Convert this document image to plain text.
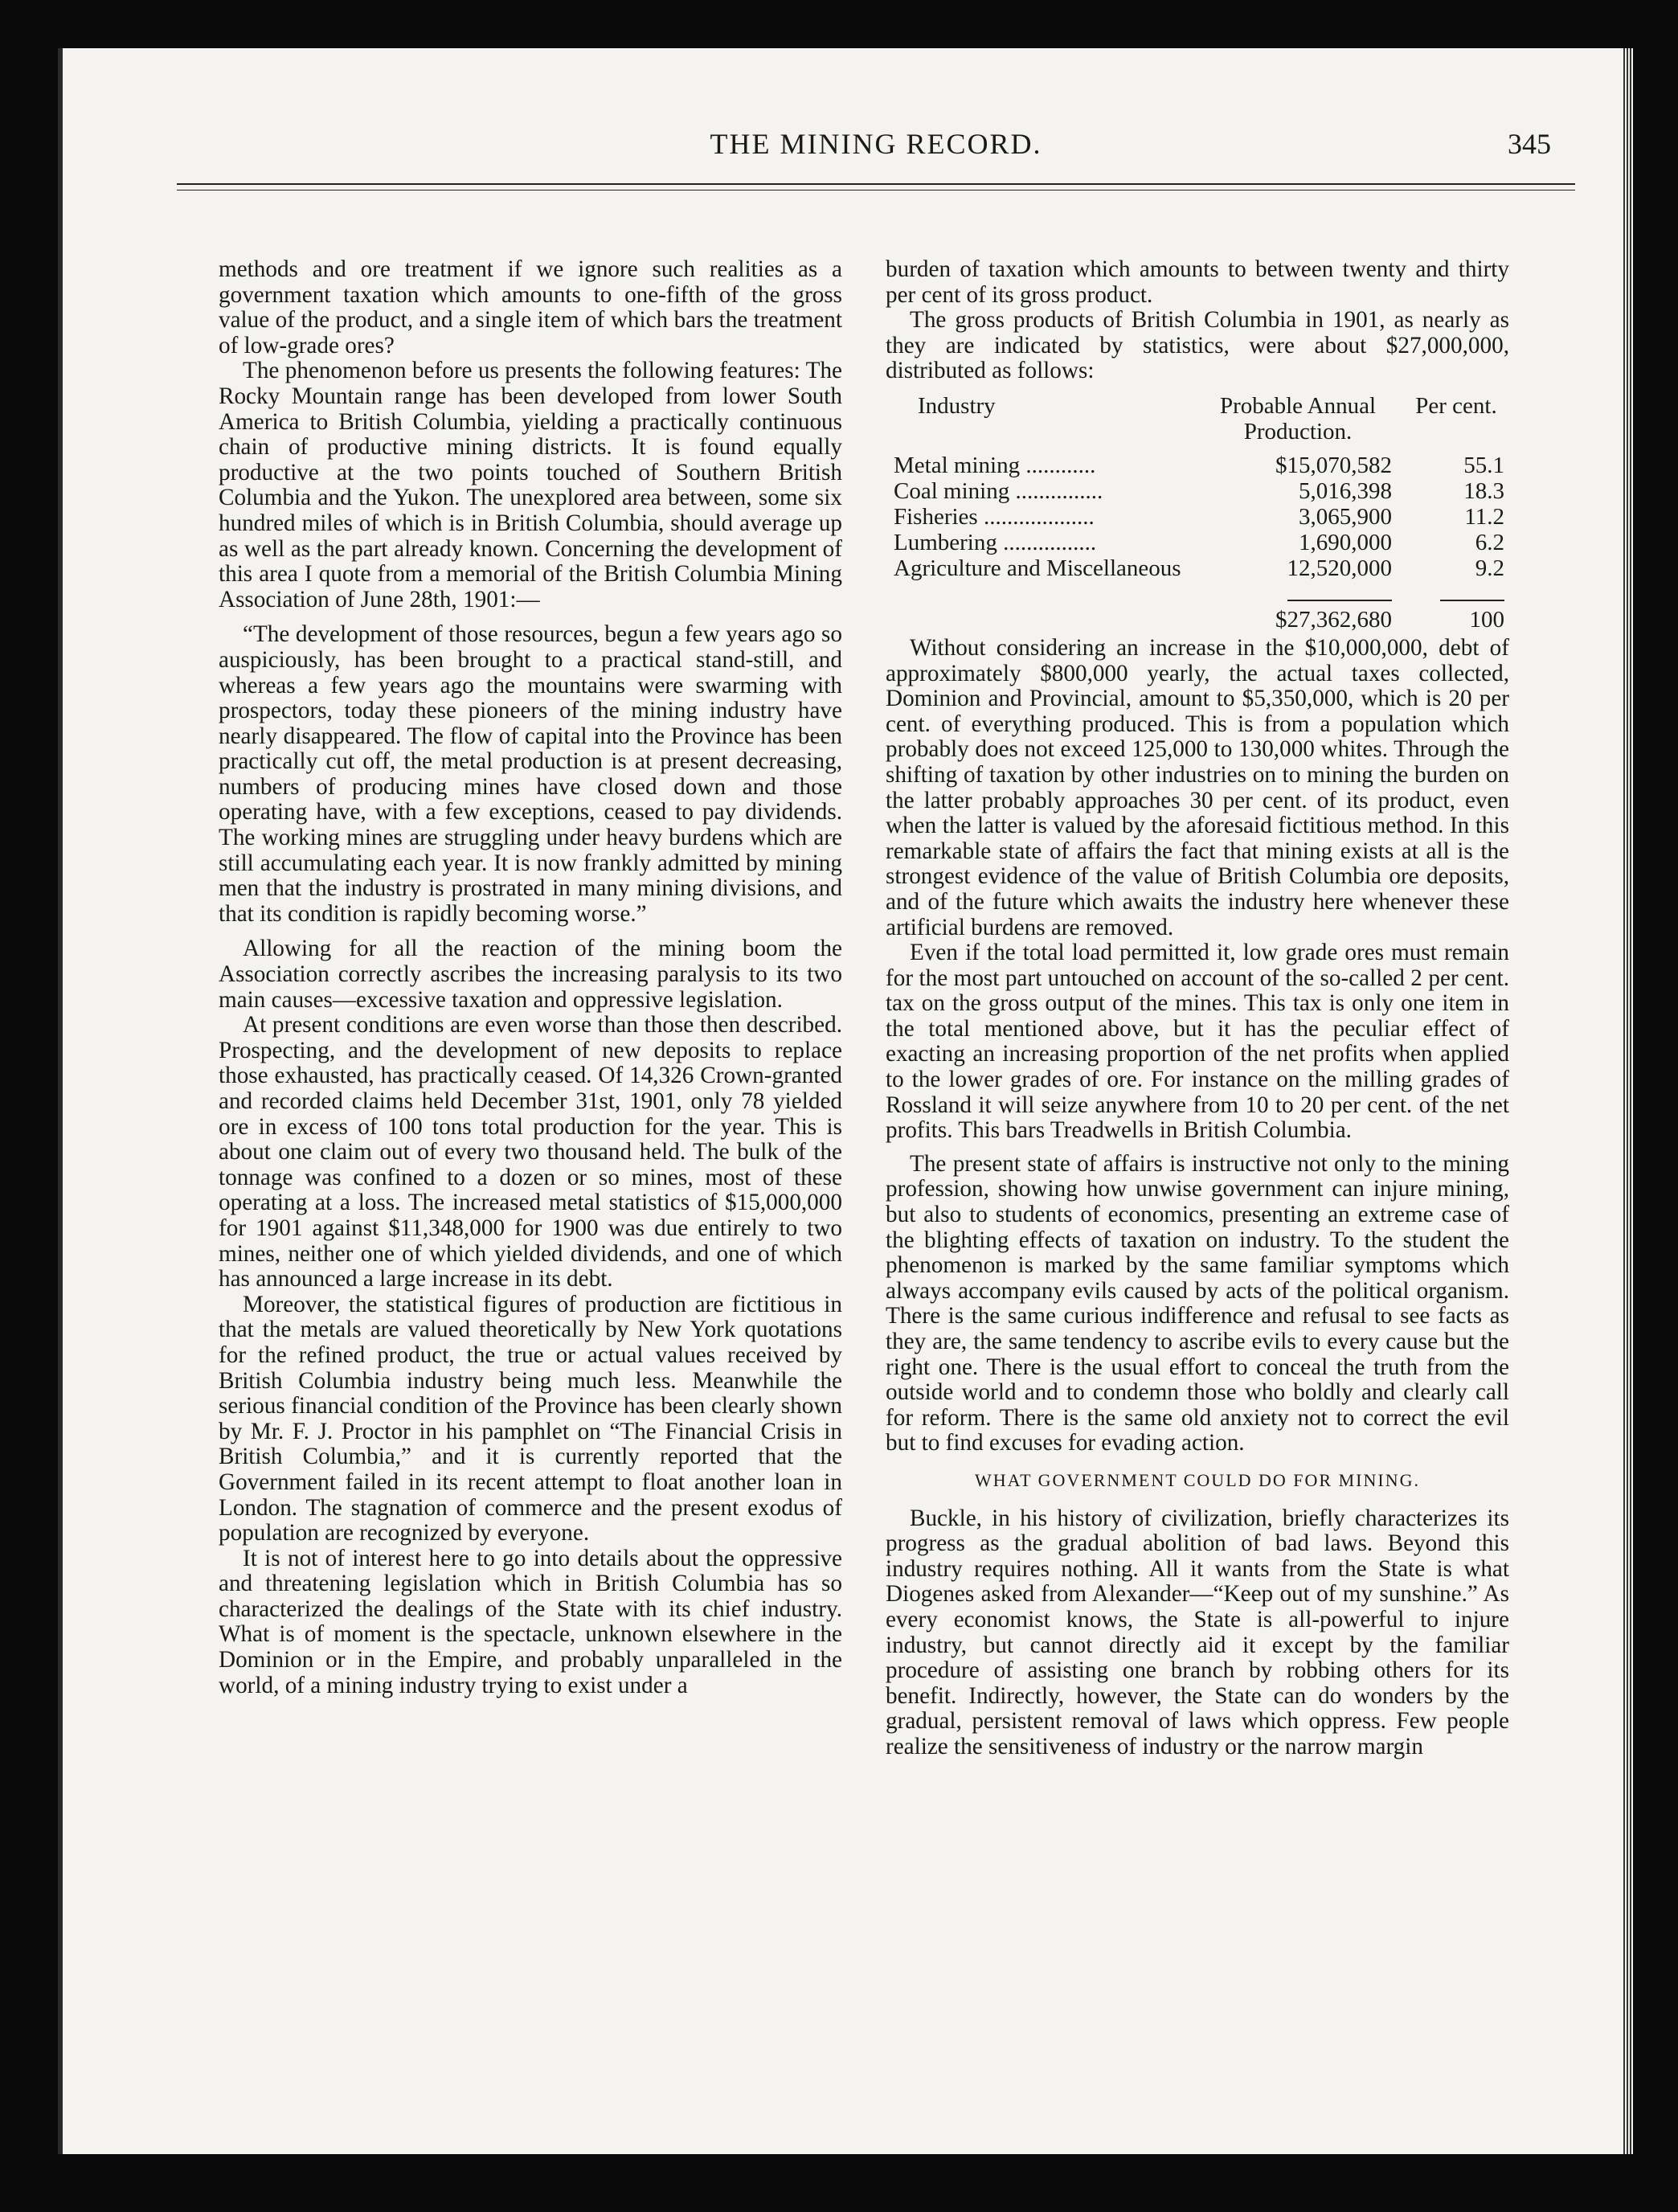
THE MINING RECORD.	345

methods and ore treatment if we ignore such realities as a government taxation which amounts to one-fifth of the gross value of the product, and a single item of which bars the treatment of low-grade ores?

The phenomenon before us presents the following features: The Rocky Mountain range has been developed from lower South America to British Columbia, yielding a practically continuous chain of productive mining districts. It is found equally productive at the two points touched of Southern British Columbia and the Yukon. The unexplored area between, some six hundred miles of which is in British Columbia, should average up as well as the part already known. Concerning the development of this area I quote from a memorial of the British Columbia Mining Association of June 28th, 1901:—

“The development of those resources, begun a few years ago so auspiciously, has been brought to a practical stand-still, and whereas a few years ago the mountains were swarming with prospectors, today these pioneers of the mining industry have nearly disappeared. The flow of capital into the Province has been practically cut off, the metal production is at present decreasing, numbers of producing mines have closed down and those operating have, with a few exceptions, ceased to pay dividends. The working mines are struggling under heavy burdens which are still accumulating each year. It is now frankly admitted by mining men that the industry is prostrated in many mining divisions, and that its condition is rapidly becoming worse.”

Allowing for all the reaction of the mining boom the Association correctly ascribes the increasing paralysis to its two main causes—excessive taxation and oppressive legislation.

At present conditions are even worse than those then described. Prospecting, and the development of new deposits to replace those exhausted, has practically ceased. Of 14,326 Crown-granted and recorded claims held December 31st, 1901, only 78 yielded ore in excess of 100 tons total production for the year. This is about one claim out of every two thousand held. The bulk of the tonnage was confined to a dozen or so mines, most of these operating at a loss. The increased metal statistics of $15,000,000 for 1901 against $11,348,000 for 1900 was due entirely to two mines, neither one of which yielded dividends, and one of which has announced a large increase in its debt.

Moreover, the statistical figures of production are fictitious in that the metals are valued theoretically by New York quotations for the refined product, the true or actual values received by British Columbia industry being much less. Meanwhile the serious financial condition of the Province has been clearly shown by Mr. F. J. Proctor in his pamphlet on “The Financial Crisis in British Columbia,” and it is currently reported that the Government failed in its recent attempt to float another loan in London. The stagnation of commerce and the present exodus of population are recognized by everyone.

It is not of interest here to go into details about the oppressive and threatening legislation which in British Columbia has so characterized the dealings of the State with its chief industry. What is of moment is the spectacle, unknown elsewhere in the Dominion or in the Empire, and probably unparalleled in the world, of a mining industry trying to exist under a

burden of taxation which amounts to between twenty and thirty per cent of its gross product.

The gross products of British Columbia in 1901, as nearly as they are indicated by statistics, were about $27,000,000, distributed as follows:

Industry	Probable Annual Production.	Per cent.
Metal mining ............	$15,070,582	55.1
Coal mining ...............	5,016,398	18.3
Fisheries ...................	3,065,900	11.2
Lumbering ................	1,690,000	6.2
Agriculture and Miscellaneous	12,520,000	9.2

	$27,362,680	100

Without considering an increase in the $10,000,000, debt of approximately $800,000 yearly, the actual taxes collected, Dominion and Provincial, amount to $5,350,000, which is 20 per cent. of everything produced. This is from a population which probably does not exceed 125,000 to 130,000 whites. Through the shifting of taxation by other industries on to mining the burden on the latter probably approaches 30 per cent. of its product, even when the latter is valued by the aforesaid fictitious method. In this remarkable state of affairs the fact that mining exists at all is the strongest evidence of the value of British Columbia ore deposits, and of the future which awaits the industry here whenever these artificial burdens are removed.

Even if the total load permitted it, low grade ores must remain for the most part untouched on account of the so-called 2 per cent. tax on the gross output of the mines. This tax is only one item in the total mentioned above, but it has the peculiar effect of exacting an increasing proportion of the net profits when applied to the lower grades of ore. For instance on the milling grades of Rossland it will seize anywhere from 10 to 20 per cent. of the net profits. This bars Treadwells in British Columbia.

The present state of affairs is instructive not only to the mining profession, showing how unwise government can injure mining, but also to students of economics, presenting an extreme case of the blighting effects of taxation on industry. To the student the phenomenon is marked by the same familiar symptoms which always accompany evils caused by acts of the political organism. There is the same curious indifference and refusal to see facts as they are, the same tendency to ascribe evils to every cause but the right one. There is the usual effort to conceal the truth from the outside world and to condemn those who boldly and clearly call for reform. There is the same old anxiety not to correct the evil but to find excuses for evading action.

WHAT GOVERNMENT COULD DO FOR MINING.

Buckle, in his history of civilization, briefly characterizes its progress as the gradual abolition of bad laws. Beyond this industry requires nothing. All it wants from the State is what Diogenes asked from Alexander—“Keep out of my sunshine.” As every economist knows, the State is all-powerful to injure industry, but cannot directly aid it except by the familiar procedure of assisting one branch by robbing others for its benefit. Indirectly, however, the State can do wonders by the gradual, persistent removal of laws which oppress. Few people realize the sensitiveness of industry or the narrow margin
